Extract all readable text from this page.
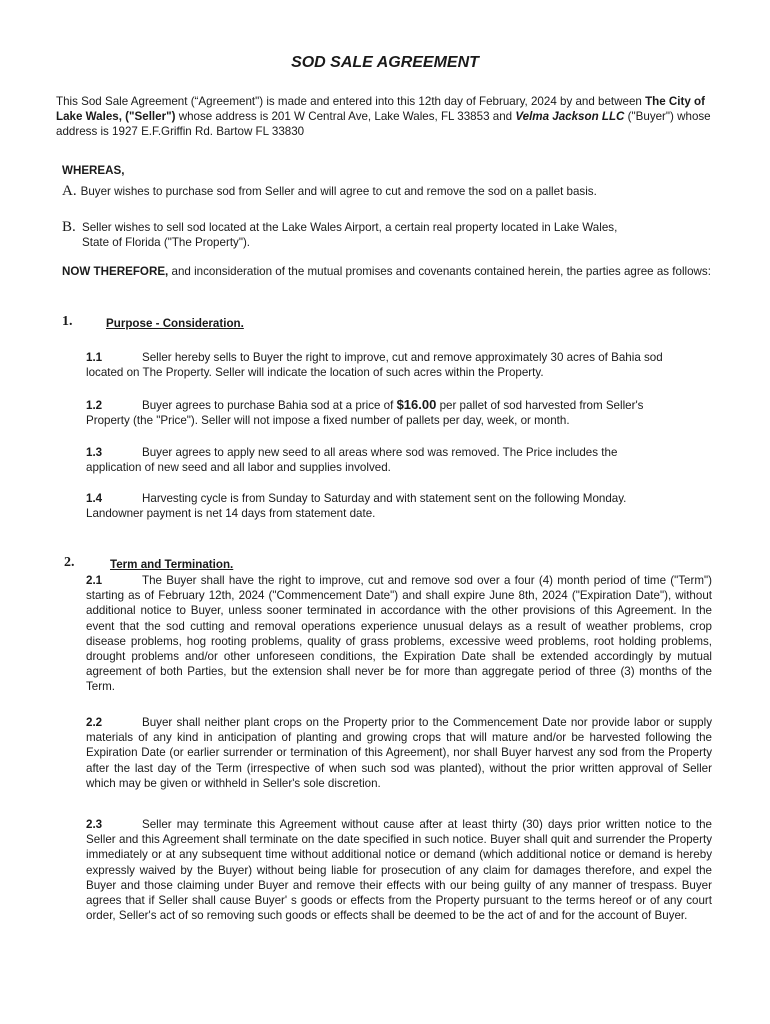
SOD SALE AGREEMENT

This Sod Sale Agreement (“Agreement") is made and entered into this 12th day of February, 2024 by and between The City of Lake Wales, ("Seller") whose address is 201 W Central Ave, Lake Wales, FL 33853 and Velma Jackson LLC ("Buyer") whose address is 1927 E.F.Griffin Rd. Bartow FL 33830

WHEREAS,

A. Buyer wishes to purchase sod from Seller and will agree to cut and remove the sod on a pallet basis.

B. Seller wishes to sell sod located at the Lake Wales Airport, a certain real property located in Lake Wales, State of Florida ("The Property").

NOW THEREFORE, and inconsideration of the mutual promises and covenants contained herein, the parties agree as follows:

1.	Purpose - Consideration.

1.1	Seller hereby sells to Buyer the right to improve, cut and remove approximately 30 acres of Bahia sod located on The Property. Seller will indicate the location of such acres within the Property.

1.2	Buyer agrees to purchase Bahia sod at a price of $16.00 per pallet of sod harvested from Seller's Property (the "Price"). Seller will not impose a fixed number of pallets per day, week, or month.

1.3	Buyer agrees to apply new seed to all areas where sod was removed. The Price includes the application of new seed and all labor and supplies involved.

1.4	Harvesting cycle is from Sunday to Saturday and with statement sent on the following Monday. Landowner payment is net 14 days from statement date.

2.	Term and Termination.

2.1	The Buyer shall have the right to improve, cut and remove sod over a four (4) month period of time ("Term") starting as of February 12th, 2024 ("Commencement Date") and shall expire June 8th, 2024 ("Expiration Date"), without additional notice to Buyer, unless sooner terminated in accordance with the other provisions of this Agreement. In the event that the sod cutting and removal operations experience unusual delays as a result of weather problems, crop disease problems, hog rooting problems, quality of grass problems, excessive weed problems, root holding problems, drought problems and/or other unforeseen conditions, the Expiration Date shall be extended accordingly by mutual agreement of both Parties, but the extension shall never be for more than aggregate period of three (3) months of the Term.

2.2	Buyer shall neither plant crops on the Property prior to the Commencement Date nor provide labor or supply materials of any kind in anticipation of planting and growing crops that will mature and/or be harvested following the Expiration Date (or earlier surrender or termination of this Agreement), nor shall Buyer harvest any sod from the Property after the last day of the Term (irrespective of when such sod was planted), without the prior written approval of Seller which may be given or withheld in Seller's sole discretion.

2.3	Seller may terminate this Agreement without cause after at least thirty (30) days prior written notice to the Seller and this Agreement shall terminate on the date specified in such notice. Buyer shall quit and surrender the Property immediately or at any subsequent time without additional notice or demand (which additional notice or demand is hereby expressly waived by the Buyer) without being liable for prosecution of any claim for damages therefore, and expel the Buyer and those claiming under Buyer and remove their effects with our being guilty of any manner of trespass. Buyer agrees that if Seller shall cause Buyer' s goods or effects from the Property pursuant to the terms hereof or of any court order, Seller's act of so removing such goods or effects shall be deemed to be the act of and for the account of Buyer.
